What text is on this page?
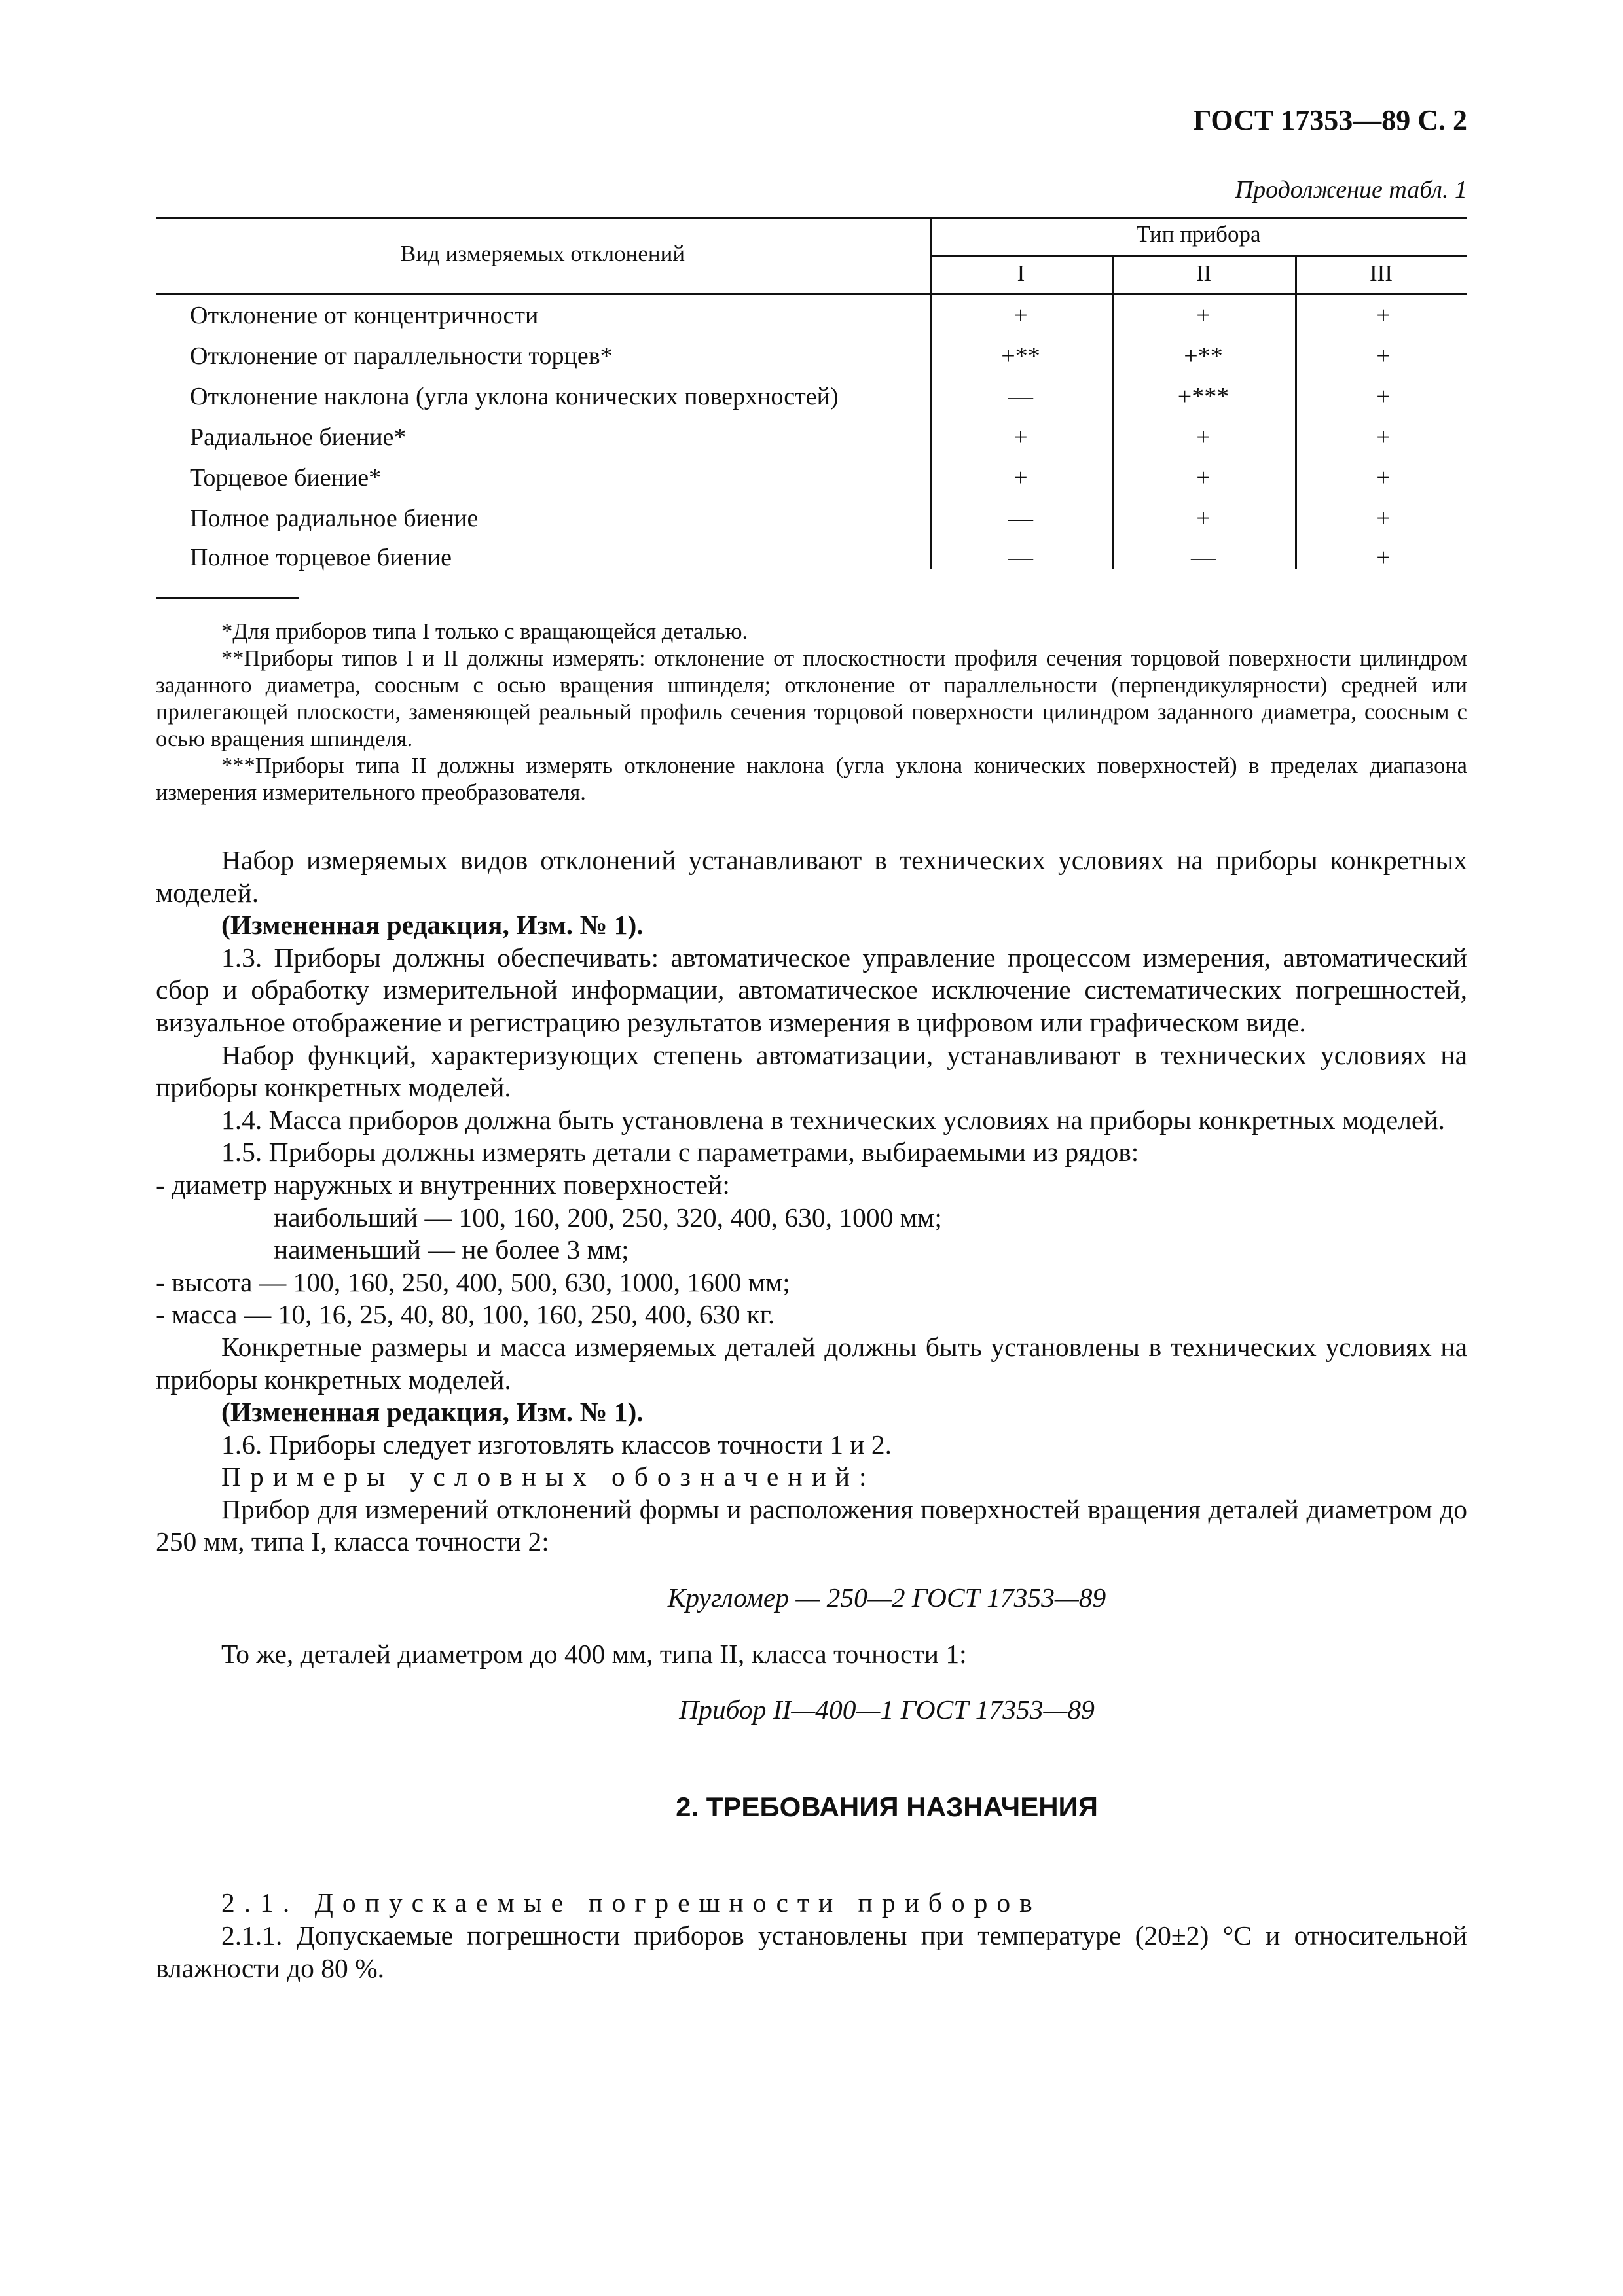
ГОСТ 17353—89 С. 2
Продолжение табл. 1
Вид измеряемых отклонений
Тип прибора
I	II	III
Отклонение от концентричности	+	+	+
Отклонение от параллельности торцев*	+**	+**	+
Отклонение наклона (угла уклона конических поверхностей)	—	+***	+
Радиальное биение*	+	+	+
Торцевое биение*	+	+	+
Полное радиальное биение	—	+	+
Полное торцевое биение	—	—	+

*Для приборов типа I только с вращающейся деталью.

**Приборы типов I и II должны измерять: отклонение от плоскостности профиля сечения торцовой поверхности цилиндром заданного диаметра, соосным с осью вращения шпинделя; отклонение от параллельности (перпендикулярности) средней или прилегающей плоскости, заменяющей реальный профиль сечения торцовой поверхности цилиндром заданного диаметра, соосным с осью вращения шпинделя.

***Приборы типа II должны измерять отклонение наклона (угла уклона конических поверхностей) в пределах диапазона измерения измерительного преобразователя.

Набор измеряемых видов отклонений устанавливают в технических условиях на приборы конкретных моделей.

(Измененная редакция, Изм. № 1).

1.3. Приборы должны обеспечивать: автоматическое управление процессом измерения, автоматический сбор и обработку измерительной информации, автоматическое исключение систематических погрешностей, визуальное отображение и регистрацию результатов измерения в цифровом или графическом виде.

Набор функций, характеризующих степень автоматизации, устанавливают в технических условиях на приборы конкретных моделей.

1.4. Масса приборов должна быть установлена в технических условиях на приборы конкретных моделей.

1.5. Приборы должны измерять детали с параметрами, выбираемыми из рядов:

- диаметр наружных и внутренних поверхностей:

наибольший — 100, 160, 200, 250, 320, 400, 630, 1000 мм;

наименьший — не более 3 мм;

- высота — 100, 160, 250, 400, 500, 630, 1000, 1600 мм;

- масса — 10, 16, 25, 40, 80, 100, 160, 250, 400, 630 кг.

Конкретные размеры и масса измеряемых деталей должны быть установлены в технических условиях на приборы конкретных моделей.

(Измененная редакция, Изм. № 1).

1.6. Приборы следует изготовлять классов точности 1 и 2.

Примеры условных обозначений:

Прибор для измерений отклонений формы и расположения поверхностей вращения деталей диаметром до 250 мм, типа I, класса точности 2:

Кругломер — 250—2 ГОСТ 17353—89

То же, деталей диаметром до 400 мм, типа II, класса точности 1:

Прибор II—400—1 ГОСТ 17353—89

2. ТРЕБОВАНИЯ НАЗНАЧЕНИЯ

2.1. Допускаемые погрешности приборов

2.1.1. Допускаемые погрешности приборов установлены при температуре (20±2) °C и относительной влажности до 80 %.
